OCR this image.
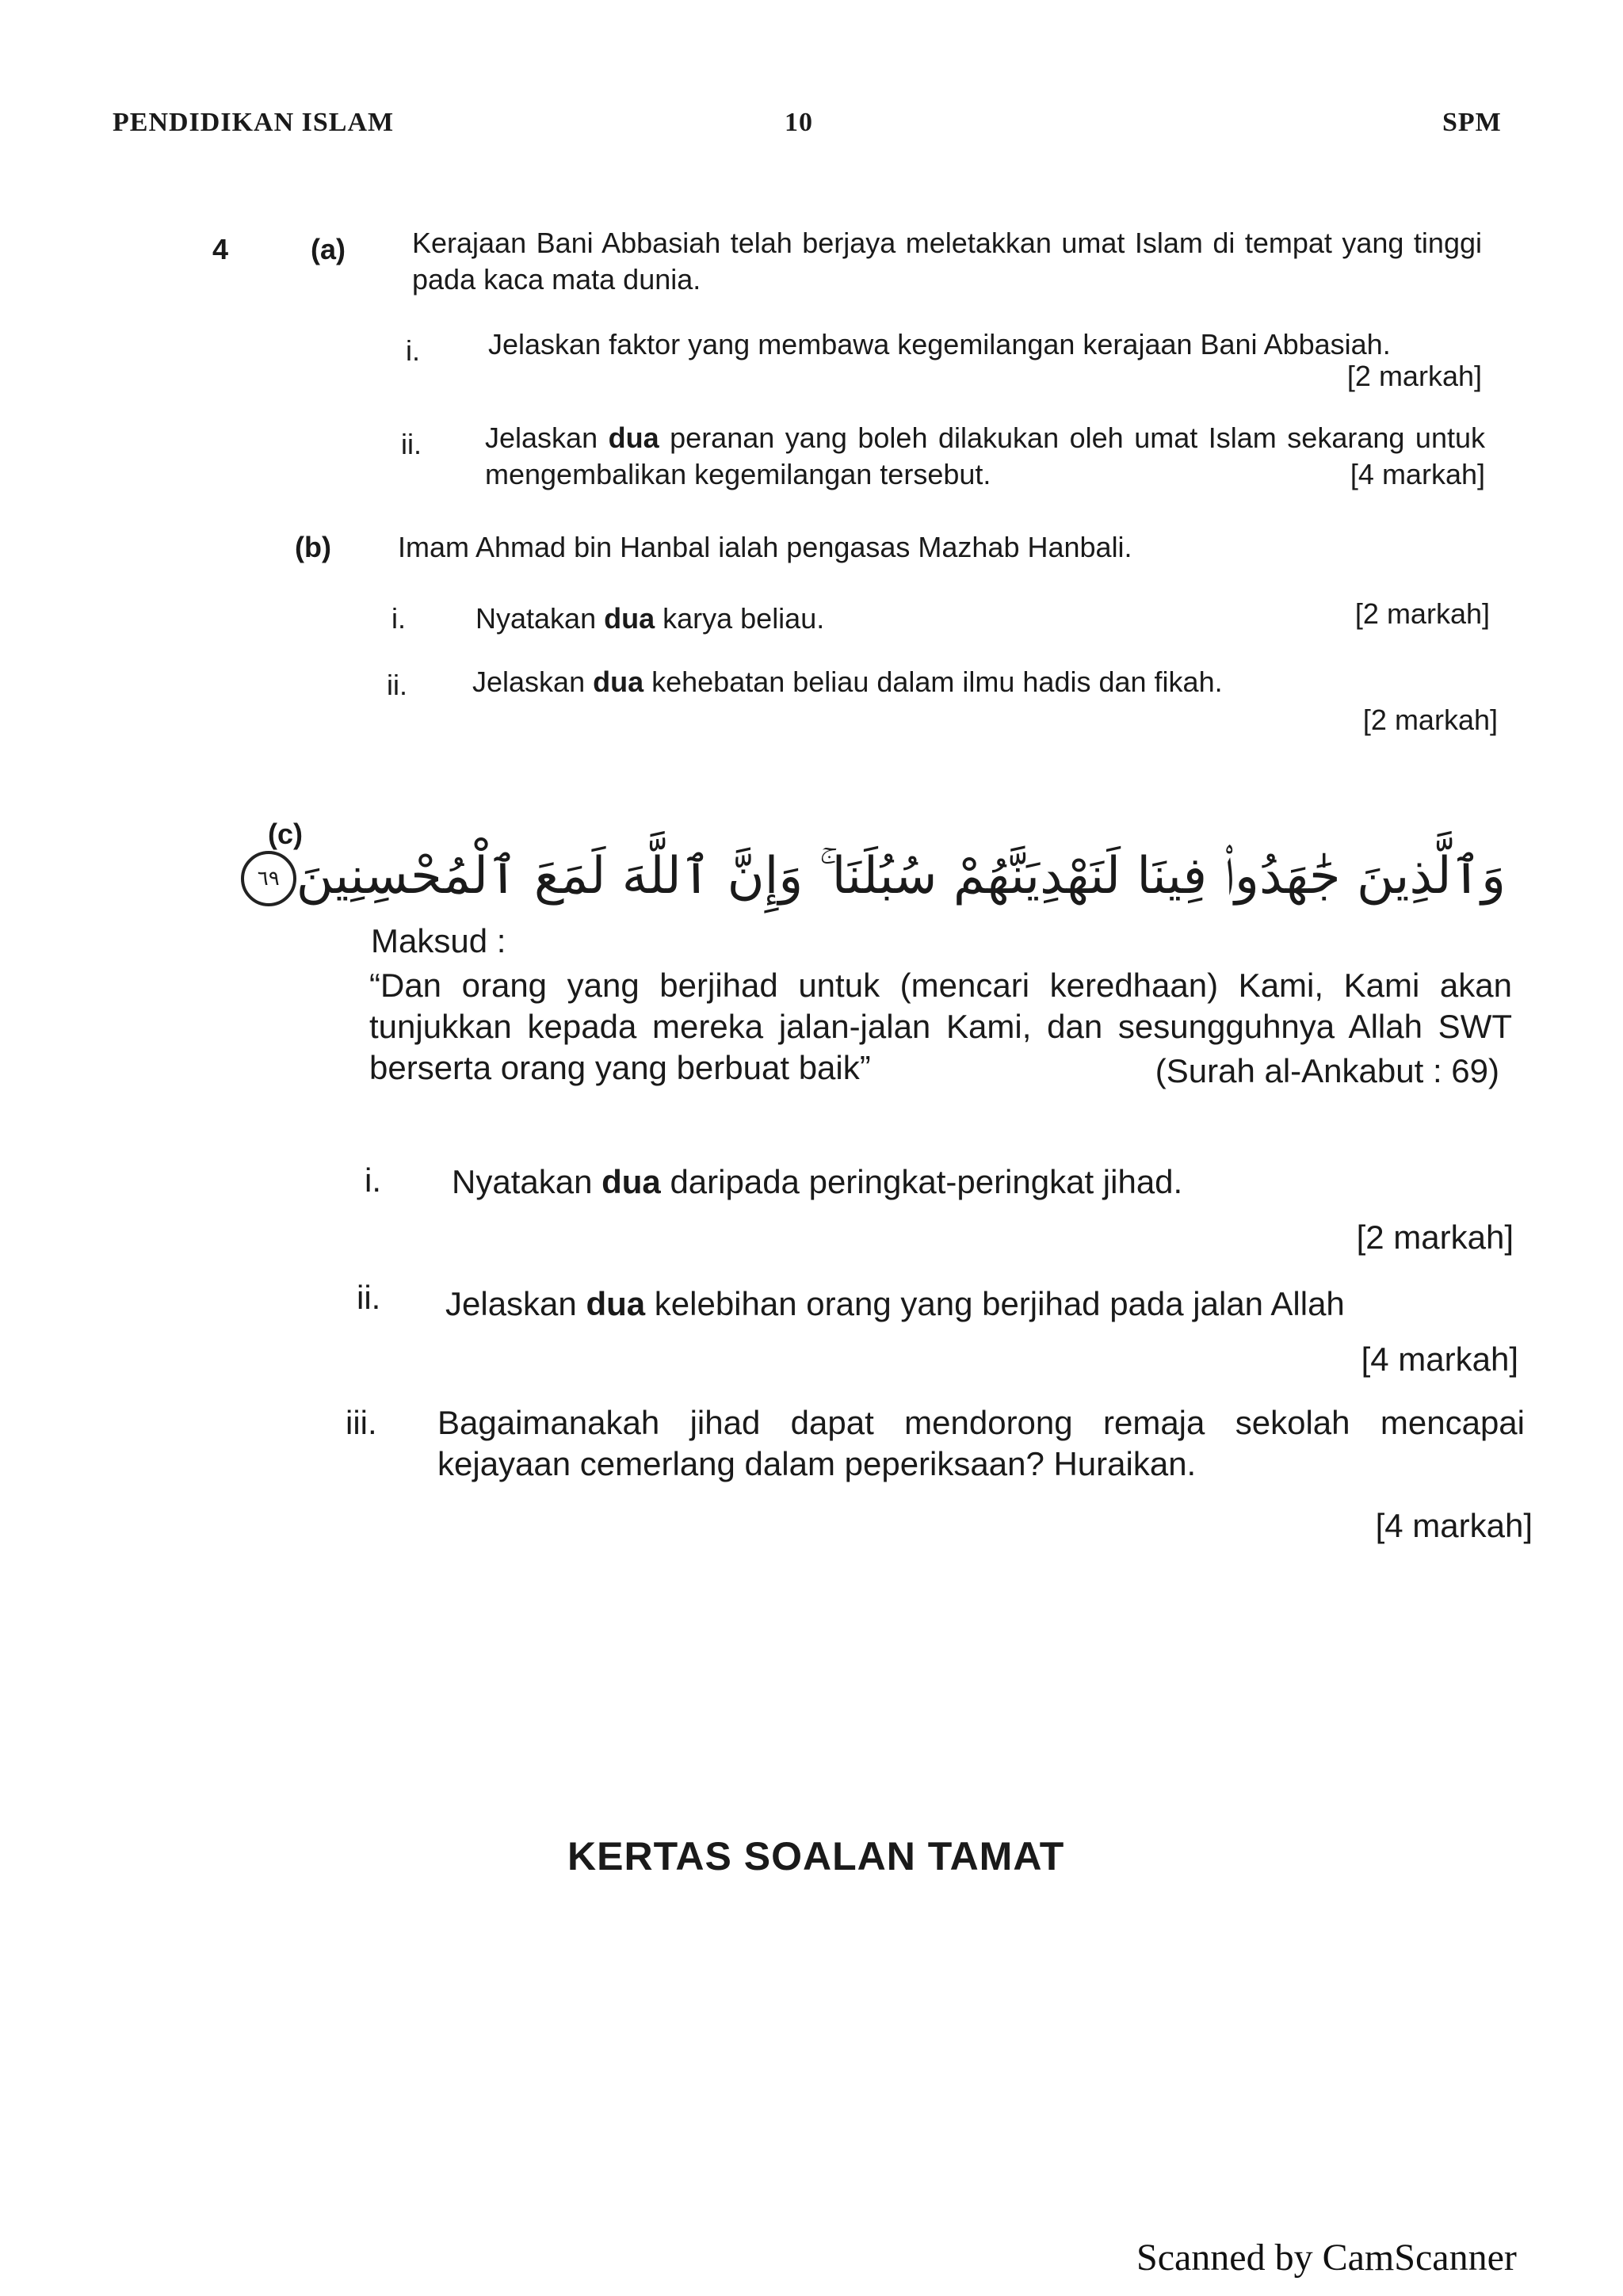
PENDIDIKAN ISLAM	10	SPM
4	(a) Kerajaan Bani Abbasiah telah berjaya meletakkan umat Islam di tempat yang tinggi pada kaca mata dunia.
i. Jelaskan faktor yang membawa kegemilangan kerajaan Bani Abbasiah.
[2 markah]
ii. Jelaskan dua peranan yang boleh dilakukan oleh umat Islam sekarang untuk mengembalikan kegemilangan tersebut.	[4 markah]
(b) Imam Ahmad bin Hanbal ialah pengasas Mazhab Hanbali.
i. Nyatakan dua karya beliau.	[2 markah]
ii. Jelaskan dua kehebatan beliau dalam ilmu hadis dan fikah.
[2 markah]
(c)
وَٱلَّذِينَ جَٰهَدُوا۟ فِينَا لَنَهْدِيَنَّهُمْ سُبُلَنَا ۚ وَإِنَّ ٱللَّهَ لَمَعَ ٱلْمُحْسِنِينَ٦٩
Maksud :
“Dan orang yang berjihad untuk (mencari keredhaan) Kami, Kami akan tunjukkan kepada mereka jalan-jalan Kami, dan sesungguhnya Allah SWT berserta orang yang berbuat baik”	(Surah al-Ankabut : 69)
i. Nyatakan dua daripada peringkat-peringkat jihad.
[2 markah]
ii. Jelaskan dua kelebihan orang yang berjihad pada jalan Allah
[4 markah]
iii. Bagaimanakah jihad dapat mendorong remaja sekolah mencapai kejayaan cemerlang dalam peperiksaan? Huraikan.
[4 markah]
KERTAS SOALAN TAMAT
Scanned by CamScanner
